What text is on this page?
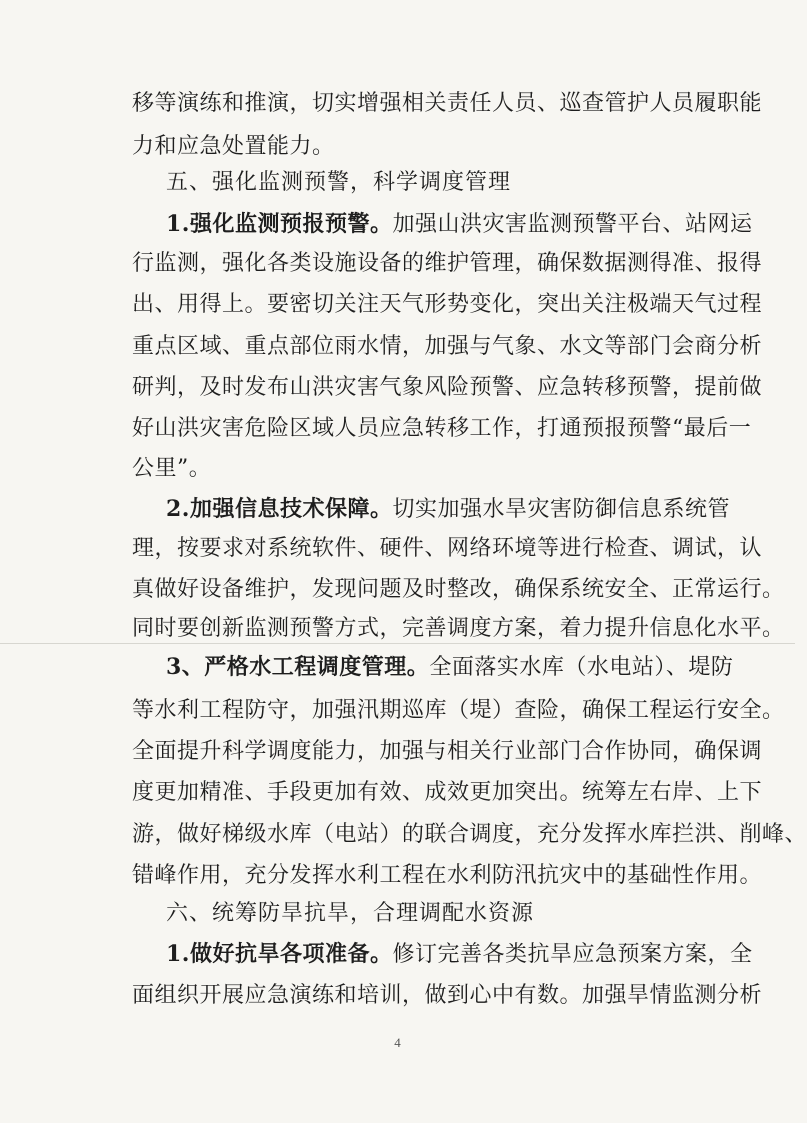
移等演练和推演，切实增强相关责任人员、巡查管护人员履职能
力和应急处置能力。
五、强化监测预警，科学调度管理
1.强化监测预报预警。加强山洪灾害监测预警平台、站网运
行监测，强化各类设施设备的维护管理，确保数据测得准、报得
出、用得上。要密切关注天气形势变化，突出关注极端天气过程
重点区域、重点部位雨水情，加强与气象、水文等部门会商分析
研判，及时发布山洪灾害气象风险预警、应急转移预警，提前做
好山洪灾害危险区域人员应急转移工作，打通预报预警“最后一
公里”。
2.加强信息技术保障。切实加强水旱灾害防御信息系统管
理，按要求对系统软件、硬件、网络环境等进行检查、调试，认
真做好设备维护，发现问题及时整改，确保系统安全、正常运行。
同时要创新监测预警方式，完善调度方案，着力提升信息化水平。
3、严格水工程调度管理。全面落实水库（水电站）、堤防
等水利工程防守，加强汛期巡库（堤）查险，确保工程运行安全。
全面提升科学调度能力，加强与相关行业部门合作协同，确保调
度更加精准、手段更加有效、成效更加突出。统筹左右岸、上下
游，做好梯级水库（电站）的联合调度，充分发挥水库拦洪、削峰、
错峰作用，充分发挥水利工程在水利防汛抗灾中的基础性作用。
六、统筹防旱抗旱，合理调配水资源
1.做好抗旱各项准备。修订完善各类抗旱应急预案方案，全
面组织开展应急演练和培训，做到心中有数。加强旱情监测分析
4
